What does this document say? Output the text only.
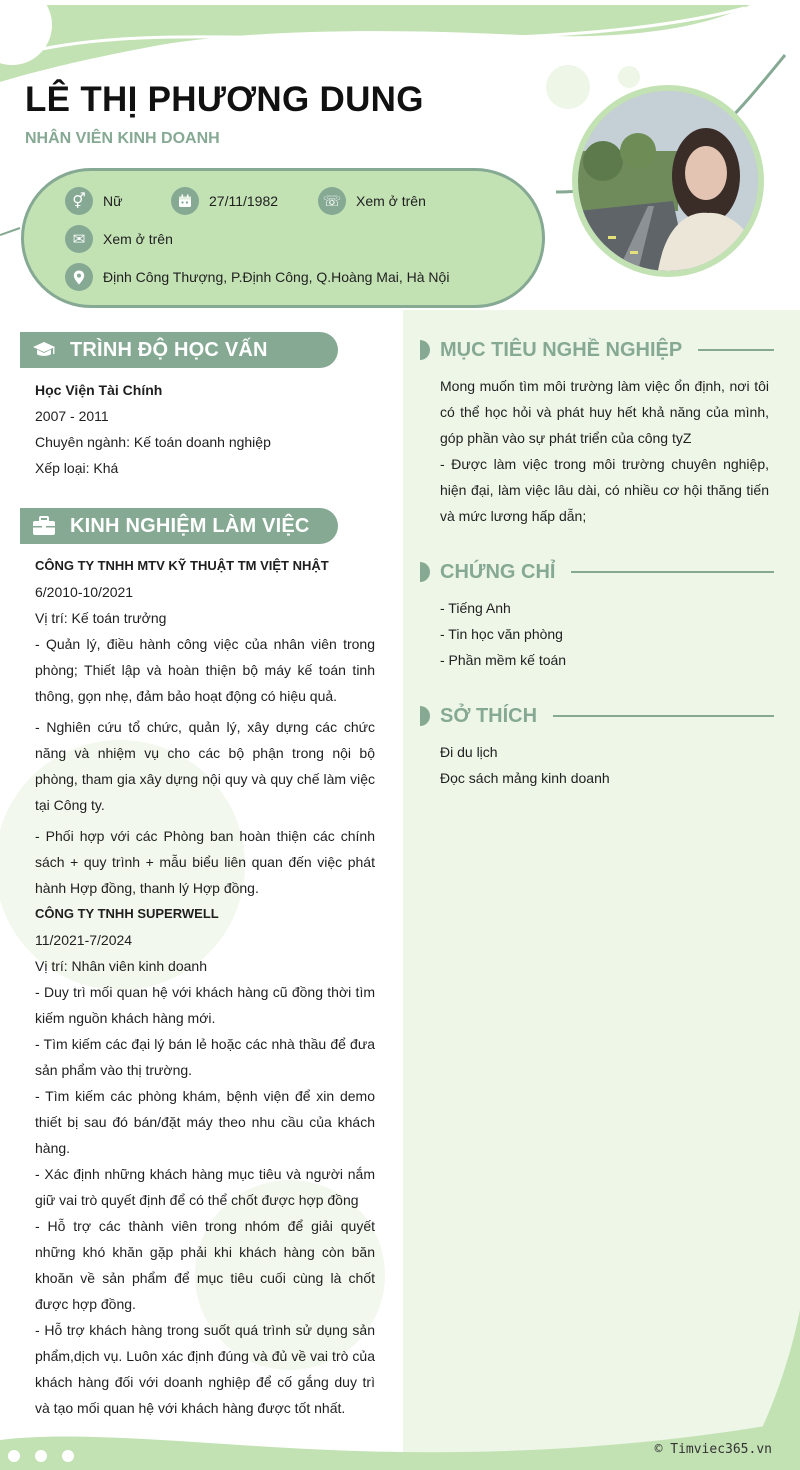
LÊ THỊ PHƯƠNG DUNG
NHÂN VIÊN KINH DOANH
⚥	Nữ	27/11/1982	☏	Xem ở trên
✉	Xem ở trên
Định Công Thượng, P.Định Công, Q.Hoàng Mai, Hà Nội
TRÌNH ĐỘ HỌC VẤN
Học Viện Tài Chính
2007 - 2011
Chuyên ngành: Kế toán doanh nghiệp
Xếp loại: Khá
KINH NGHIỆM LÀM VIỆC
CÔNG TY TNHH MTV KỸ THUẬT TM VIỆT NHẬT
6/2010-10/2021
Vị trí: Kế toán trưởng
- Quản lý, điều hành công việc của nhân viên trong phòng; Thiết lập và hoàn thiện bộ máy kế toán tinh thông, gọn nhẹ, đảm bảo hoạt động có hiệu quả.
- Nghiên cứu tổ chức, quản lý, xây dựng các chức năng và nhiệm vụ cho các bộ phận trong nội bộ phòng, tham gia xây dựng nội quy và quy chế làm việc tại Công ty.
- Phối hợp với các Phòng ban hoàn thiện các chính sách + quy trình + mẫu biểu liên quan đến việc phát hành Hợp đồng, thanh lý Hợp đồng.
CÔNG TY TNHH SUPERWELL
11/2021-7/2024
Vị trí: Nhân viên kinh doanh
- Duy trì mối quan hệ với khách hàng cũ đồng thời tìm kiếm nguồn khách hàng mới.
- Tìm kiếm các đại lý bán lẻ hoặc các nhà thầu để đưa sản phẩm vào thị trường.
- Tìm kiếm các phòng khám, bệnh viện để xin demo thiết bị sau đó bán/đặt máy theo nhu cầu của khách hàng.
- Xác định những khách hàng mục tiêu và người nắm giữ vai trò quyết định để có thể chốt được hợp đồng
- Hỗ trợ các thành viên trong nhóm để giải quyết những khó khăn gặp phải khi khách hàng còn băn khoăn về sản phẩm để mục tiêu cuối cùng là chốt được hợp đồng.
- Hỗ trợ khách hàng trong suốt quá trình sử dụng sản phẩm,dịch vụ. Luôn xác định đúng và đủ về vai trò của khách hàng đối với doanh nghiệp để cố gắng duy trì và tạo mối quan hệ với khách hàng được tốt nhất.
MỤC TIÊU NGHỀ NGHIỆP
Mong muốn tìm môi trường làm việc ổn định, nơi tôi có thể học hỏi và phát huy hết khả năng của mình, góp phần vào sự phát triển của công tyZ
- Được làm việc trong môi trường chuyên nghiệp, hiện đại, làm việc lâu dài, có nhiều cơ hội thăng tiến và mức lương hấp dẫn;
CHỨNG CHỈ
- Tiếng Anh
- Tin học văn phòng
- Phần mềm kế toán
SỞ THÍCH
Đi du lịch
Đọc sách mảng kinh doanh
© Timviec365.vn
